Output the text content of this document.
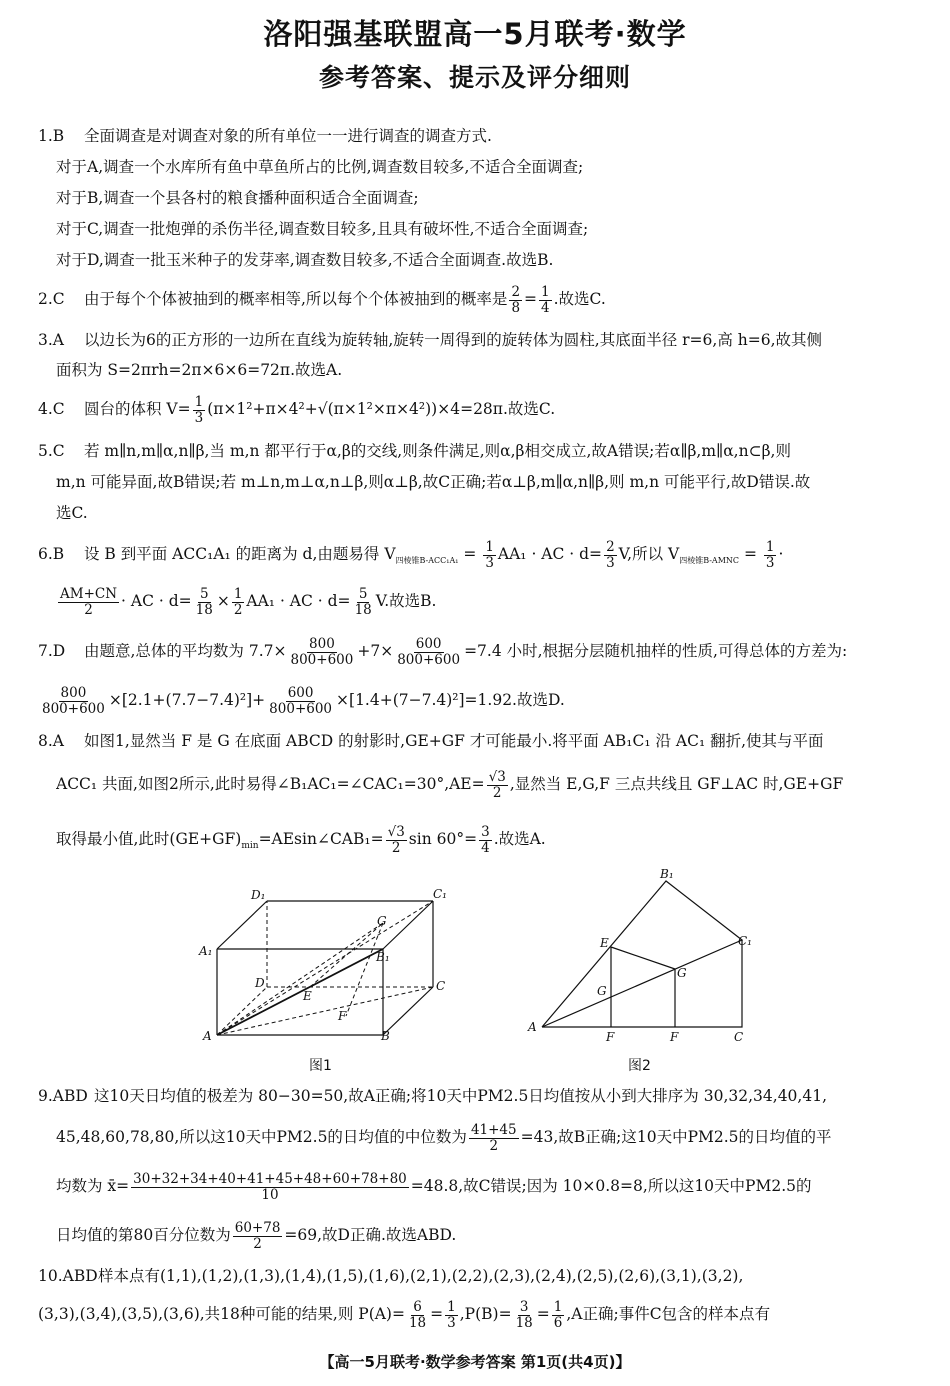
洛阳强基联盟高一5月联考·数学
参考答案、提示及评分细则
1.B 全面调查是对调查对象的所有单位一一进行调查的调查方式.
对于A,调查一个水库所有鱼中草鱼所占的比例,调查数目较多,不适合全面调查;
对于B,调查一个县各村的粮食播种面积适合全面调查;
对于C,调查一批炮弹的杀伤半径,调查数目较多,且具有破坏性,不适合全面调查;
对于D,调查一批玉米种子的发芽率,调查数目较多,不适合全面调查.故选B.
2.C 由于每个个体被抽到的概率相等,所以每个个体被抽到的概率是 $\frac{2}{8} = \frac{1}{4}$ .故选C.
3.A 以边长为6的正方形的一边所在直线为旋转轴,旋转一周得到的旋转体为圆柱,其底面半径 r=6,高 h=6,故其侧
面积为 S=2πrh=2π×6×6=72π.故选A.
4.C 圆台的体积 $V= \frac{1}{3} (\pi\times 1^2+\pi\times 4^2+√(\pi\times 1^2\times\pi\times 4^2))\times 4=28\pi$.故选C.
5.C 若 m∥n,m∥α,n∥β,当 m,n 都平行于α,β的交线,则条件满足,则α,β相交成立,故A错误;若α∥β,m∥α,n⊂β,则
m,n 可能异面,故B错误;若 m⊥n,m⊥α,n⊥β,则α⊥β,故C正确;若α⊥β,m∥α,n∥β,则 m,n 可能平行,故D错误.故
选C.
6.B 设 B 到平面 ACC₁A₁ 的距离为 d,由题易得 $V_{四棱锥B-ACC_1A_1} = \frac{1}{3} AA_1$ · AC · $d= \frac{2}{3} V$,所以 $V_{四棱锥B-AMNC} = \frac{1}{3}$ ·
$\frac{AM+CN}{2}$ · AC · $d= \frac{5}{18} \times \frac{1}{2} AA_1$ · AC · $d= \frac{5}{18} V$.故选B.
7.D 由题意,总体的平均数为 $7.7\times \frac{800}{800+600} +7\times \frac{600}{800+600} =7.4$ 小时,根据分层随机抽样的性质,可得总体的方差为:
$\frac{800}{800+600} \times[2.1+(7.7-7.4)^2]+ \frac{600}{800+600} \times[1.4+(7-7.4)^2]=1.92$.故选D.
8.A 如图1,显然当 F 是 G 在底面 ABCD 的射影时,GE+GF 才可能最小.将平面 AB₁C₁ 沿 AC₁ 翻折,使其与平面
ACC₁ 共面,如图2所示,此时易得∠B₁AC₁=∠CAC₁=30°,AE= $\frac{√3}{2}$ ,显然当 E,G,F 三点共线且 GF⊥AC 时,GE+GF
取得最小值,此时$(GE+GF)_{min}=AEsin\angle CAB_1= \frac{√3}{2}$ $\sin 60^\circ= \frac{3}{4}$ .故选A.
A	B
C
D
A₁	B₁
C₁
D₁
E
F
G
图1
B₁
C₁
A
C
E
F	F
G
G
图2
9.ABD 这10天日均值的极差为 80−30=50,故A正确;将10天中PM2.5日均值按从小到大排序为 30,32,34,40,41,
45,48,60,78,80,所以这10天中PM2.5的日均值的中位数为 $\frac{41+45}{2} =43$,故B正确;这10天中PM2.5的日均值的平
均数为 x̄= $\frac{30+32+34+40+41+45+48+60+78+80}{10} =48.8$,故C错误;因为 10×0.8=8,所以这10天中PM2.5的
日均值的第80百分位数为 $\frac{60+78}{2} =69$,故D正确.故选ABD.
10.ABD样本点有(1,1),(1,2),(1,3),(1,4),(1,5),(1,6),(2,1),(2,2),(2,3),(2,4),(2,5),(2,6),(3,1),(3,2),
(3,3),(3,4),(3,5),(3,6),共18种可能的结果,则 $P(A)= \frac{6}{18} = \frac{1}{3} ,P(B)= \frac{3}{18} = \frac{1}{6} ,A$正确;事件C包含的样本点有
【高一5月联考·数学参考答案 第1页(共4页)】
